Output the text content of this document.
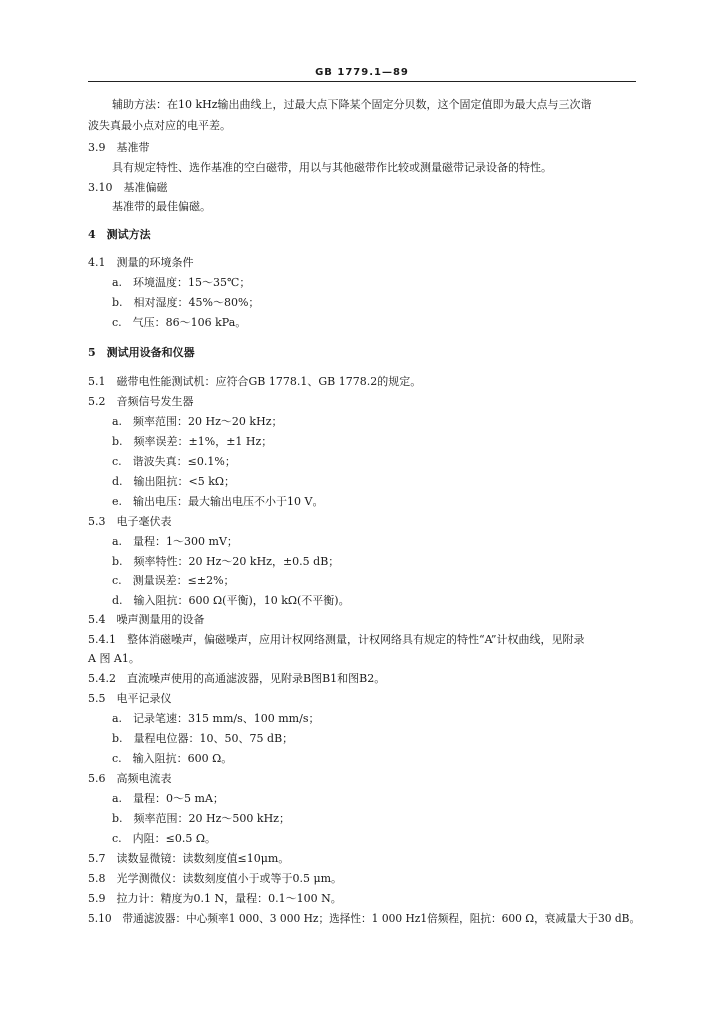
GB 1779.1—89
辅助方法：在10 kHz输出曲线上，过最大点下降某个固定分贝数，这个固定值即为最大点与三次谐
波失真最小点对应的电平差。
3.9　基准带
具有规定特性、选作基准的空白磁带，用以与其他磁带作比较或测量磁带记录设备的特性。
3.10　基准偏磁
基准带的最佳偏磁。
4　测试方法
4.1　测量的环境条件
a.　环境温度：15～35℃；
b.　相对湿度：45%～80%；
c.　气压：86～106 kPa。
5　测试用设备和仪器
5.1　磁带电性能测试机：应符合GB 1778.1、GB 1778.2的规定。
5.2　音频信号发生器
a.　频率范围：20 Hz～20 kHz；
b.　频率误差：±1%，±1 Hz；
c.　谐波失真：≤0.1%；
d.　输出阻抗：<5 kΩ；
e.　输出电压：最大输出电压不小于10 V。
5.3　电子毫伏表
a.　量程：1～300 mV；
b.　频率特性：20 Hz～20 kHz，±0.5 dB；
c.　测量误差：≤±2%；
d.　输入阻抗：600 Ω(平衡)，10 kΩ(不平衡)。
5.4　噪声测量用的设备
5.4.1　整体消磁噪声，偏磁噪声，应用计权网络测量，计权网络具有规定的特性“A”计权曲线，见附录
A 图 A1。
5.4.2　直流噪声使用的高通滤波器，见附录B图B1和图B2。
5.5　电平记录仪
a.　记录笔速：315 mm/s、100 mm/s；
b.　量程电位器：10、50、75 dB；
c.　输入阻抗：600 Ω。
5.6　高频电流表
a.　量程：0～5 mA；
b.　频率范围：20 Hz～500 kHz；
c.　内阻：≤0.5 Ω。
5.7　读数显微镜：读数刻度值≤10μm。
5.8　光学测微仪：读数刻度值小于或等于0.5 μm。
5.9　拉力计：精度为0.1 N，量程：0.1～100 N。
5.10　带通滤波器：中心频率1 000、3 000 Hz；选择性：1 000 Hz1倍频程，阻抗：600 Ω，衰减量大于30 dB。
